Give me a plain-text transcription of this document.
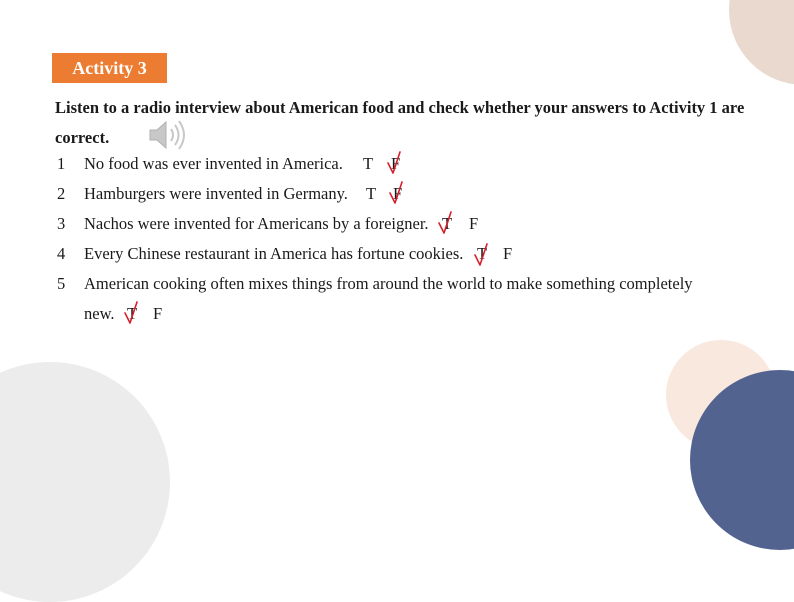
Activity 3

Listen to a radio interview about American food and check whether your answers to Activity 1 are correct.

1 No food was ever invented in America. T F
2 Hamburgers were invented in Germany. T F
3 Nachos were invented for Americans by a foreigner. T F
4 Every Chinese restaurant in America has fortune cookies. T F
5 American cooking often mixes things from around the world to make something completely
new. T F
